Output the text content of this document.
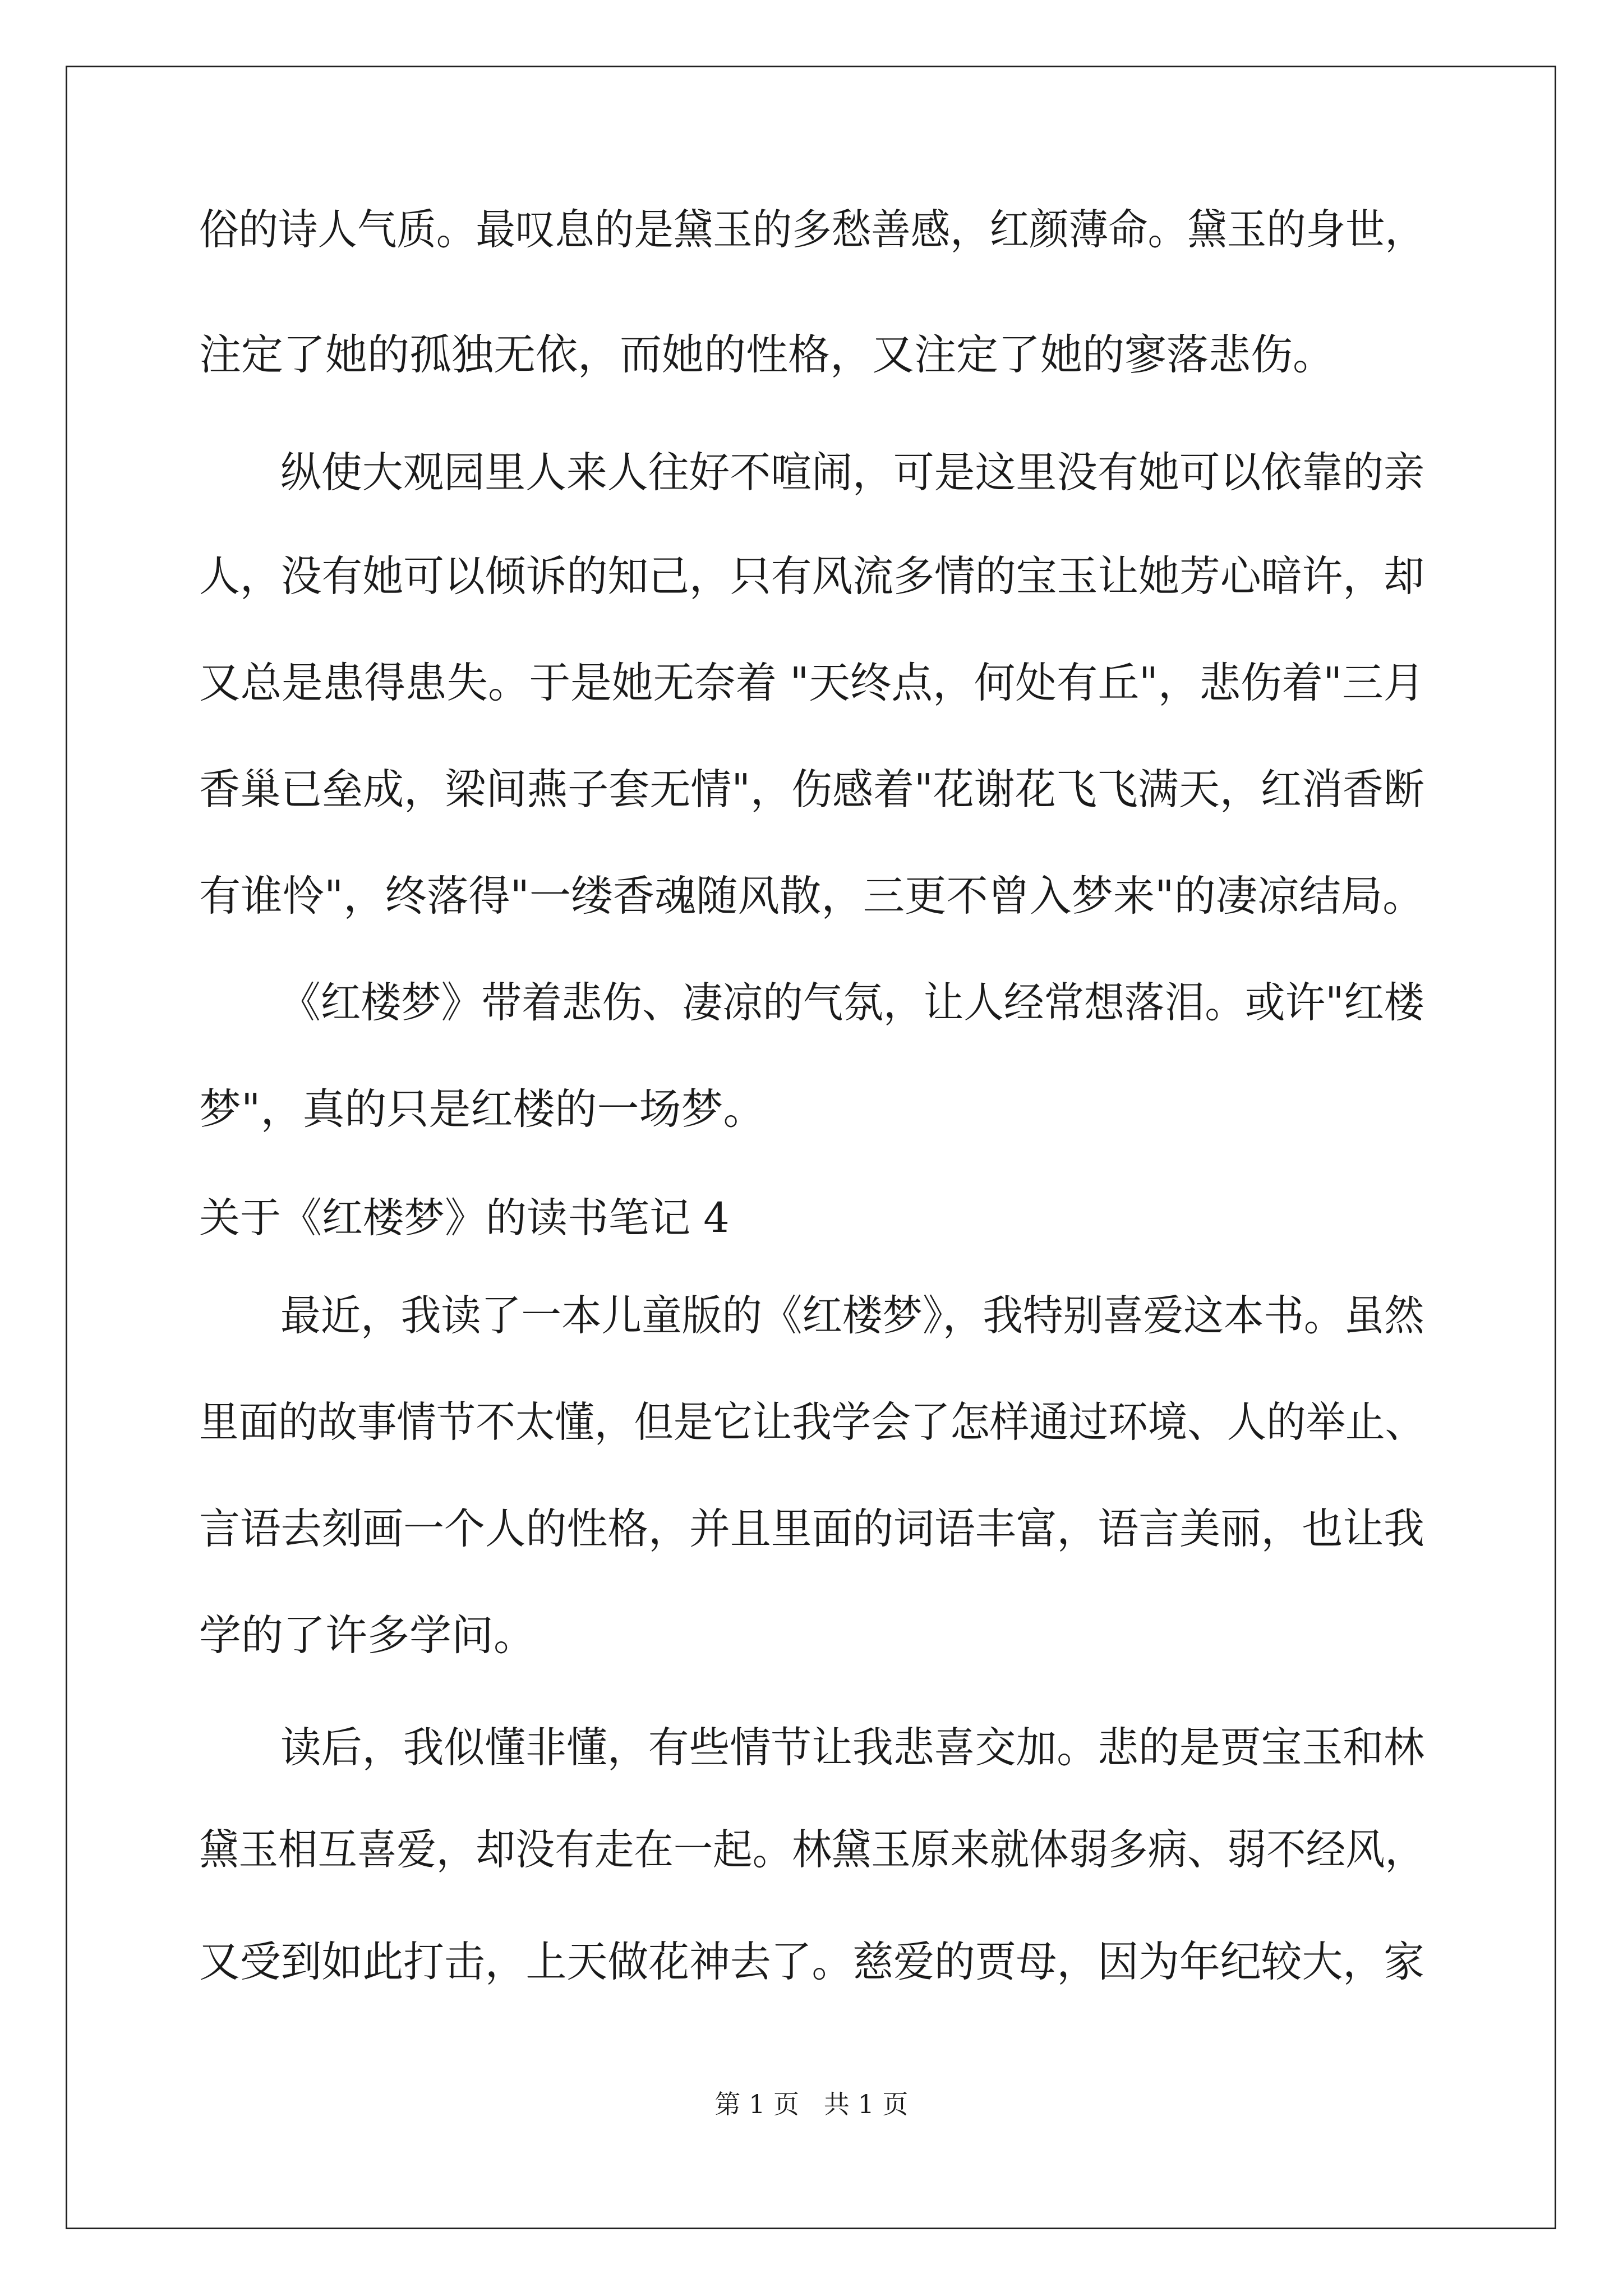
俗的诗人气质。最叹息的是黛玉的多愁善感，红颜薄命。黛玉的身世，
注定了她的孤独无依，而她的性格，又注定了她的寥落悲伤。
纵使大观园里人来人往好不喧闹，可是这里没有她可以依靠的亲
人，没有她可以倾诉的知己，只有风流多情的宝玉让她芳心暗许，却
又总是患得患失。于是她无奈着 "天终点，何处有丘"，悲伤着"三月
香巢已垒成，梁间燕子套无情"，伤感着"花谢花飞飞满天，红消香断
有谁怜"，终落得"一缕香魂随风散，三更不曾入梦来"的凄凉结局。
《红楼梦》带着悲伤、凄凉的气氛，让人经常想落泪。或许"红楼
梦"，真的只是红楼的一场梦。
关于《红楼梦》的读书笔记 4
最近，我读了一本儿童版的《红楼梦》，我特别喜爱这本书。虽然
里面的故事情节不太懂，但是它让我学会了怎样通过环境、人的举止、
言语去刻画一个人的性格，并且里面的词语丰富，语言美丽，也让我
学的了许多学问。
读后，我似懂非懂，有些情节让我悲喜交加。悲的是贾宝玉和林
黛玉相互喜爱，却没有走在一起。林黛玉原来就体弱多病、弱不经风，
又受到如此打击，上天做花神去了。慈爱的贾母，因为年纪较大，家
第 1 页   共 1 页
